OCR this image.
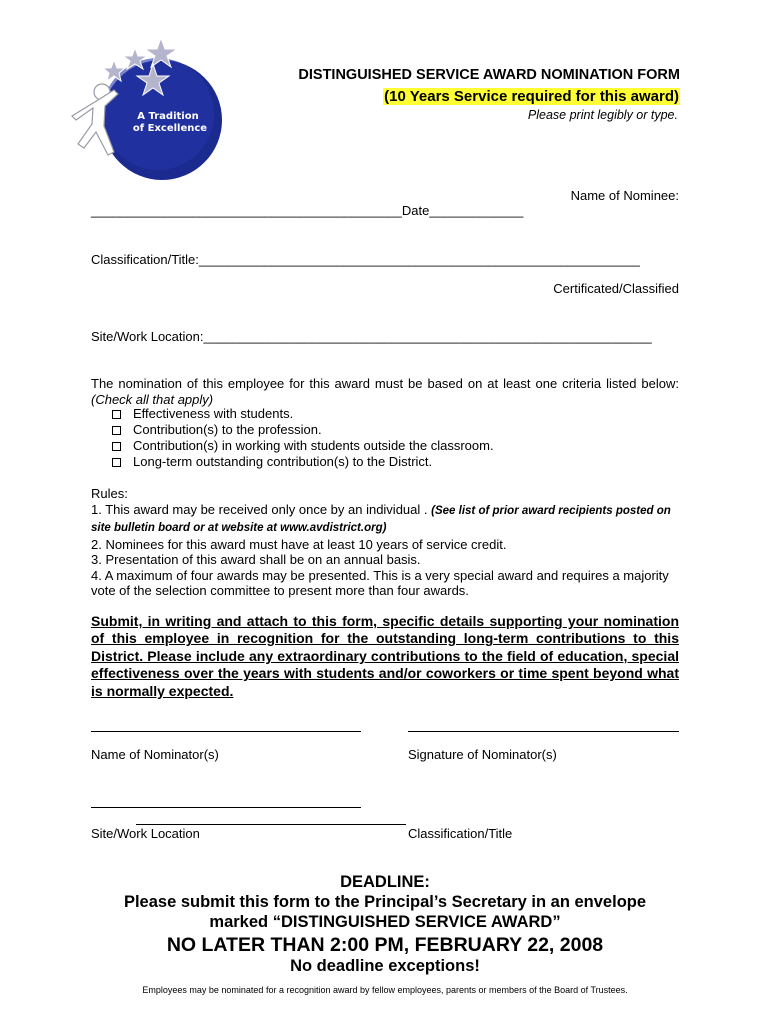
A Tradition
of Excellence
DISTINGUISHED SERVICE AWARD NOMINATION FORM
(10 Years Service required for this award)
Please print legibly or type.
Name of Nominee:
___________________________________________Date_____________
Classification/Title:_____________________________________________________________
Certificated/Classified
Site/Work Location:______________________________________________________________
The nomination of this employee for this award must be based on at least one criteria listed below: (Check all that apply)
Effectiveness with students.
Contribution(s) to the profession.
Contribution(s) in working with students outside the classroom.
Long-term outstanding contribution(s) to the District.
Rules:
1. This award may be received only once by an individual . (See list of prior award recipients posted on site bulletin board or at website at www.avdistrict.org)
2. Nominees for this award must have at least 10 years of service credit.
3. Presentation of this award shall be on an annual basis.
4. A maximum of four awards may be presented. This is a very special award and requires a majority vote of the selection committee to present more than four awards.
Submit, in writing and attach to this form, specific details supporting your nomination of this employee in recognition for the outstanding long-term contributions to this District. Please include any extraordinary contributions to the field of education, special effectiveness over the years with students and/or coworkers or time spent beyond what is normally expected.
Name of Nominator(s)	Signature of Nominator(s)
Site/Work Location	Classification/Title
DEADLINE:
Please submit this form to the Principal’s Secretary in an envelope
marked “DISTINGUISHED SERVICE AWARD”
NO LATER THAN 2:00 PM, FEBRUARY 22, 2008
No deadline exceptions!
Employees may be nominated for a recognition award by fellow employees, parents or members of the Board of Trustees.
